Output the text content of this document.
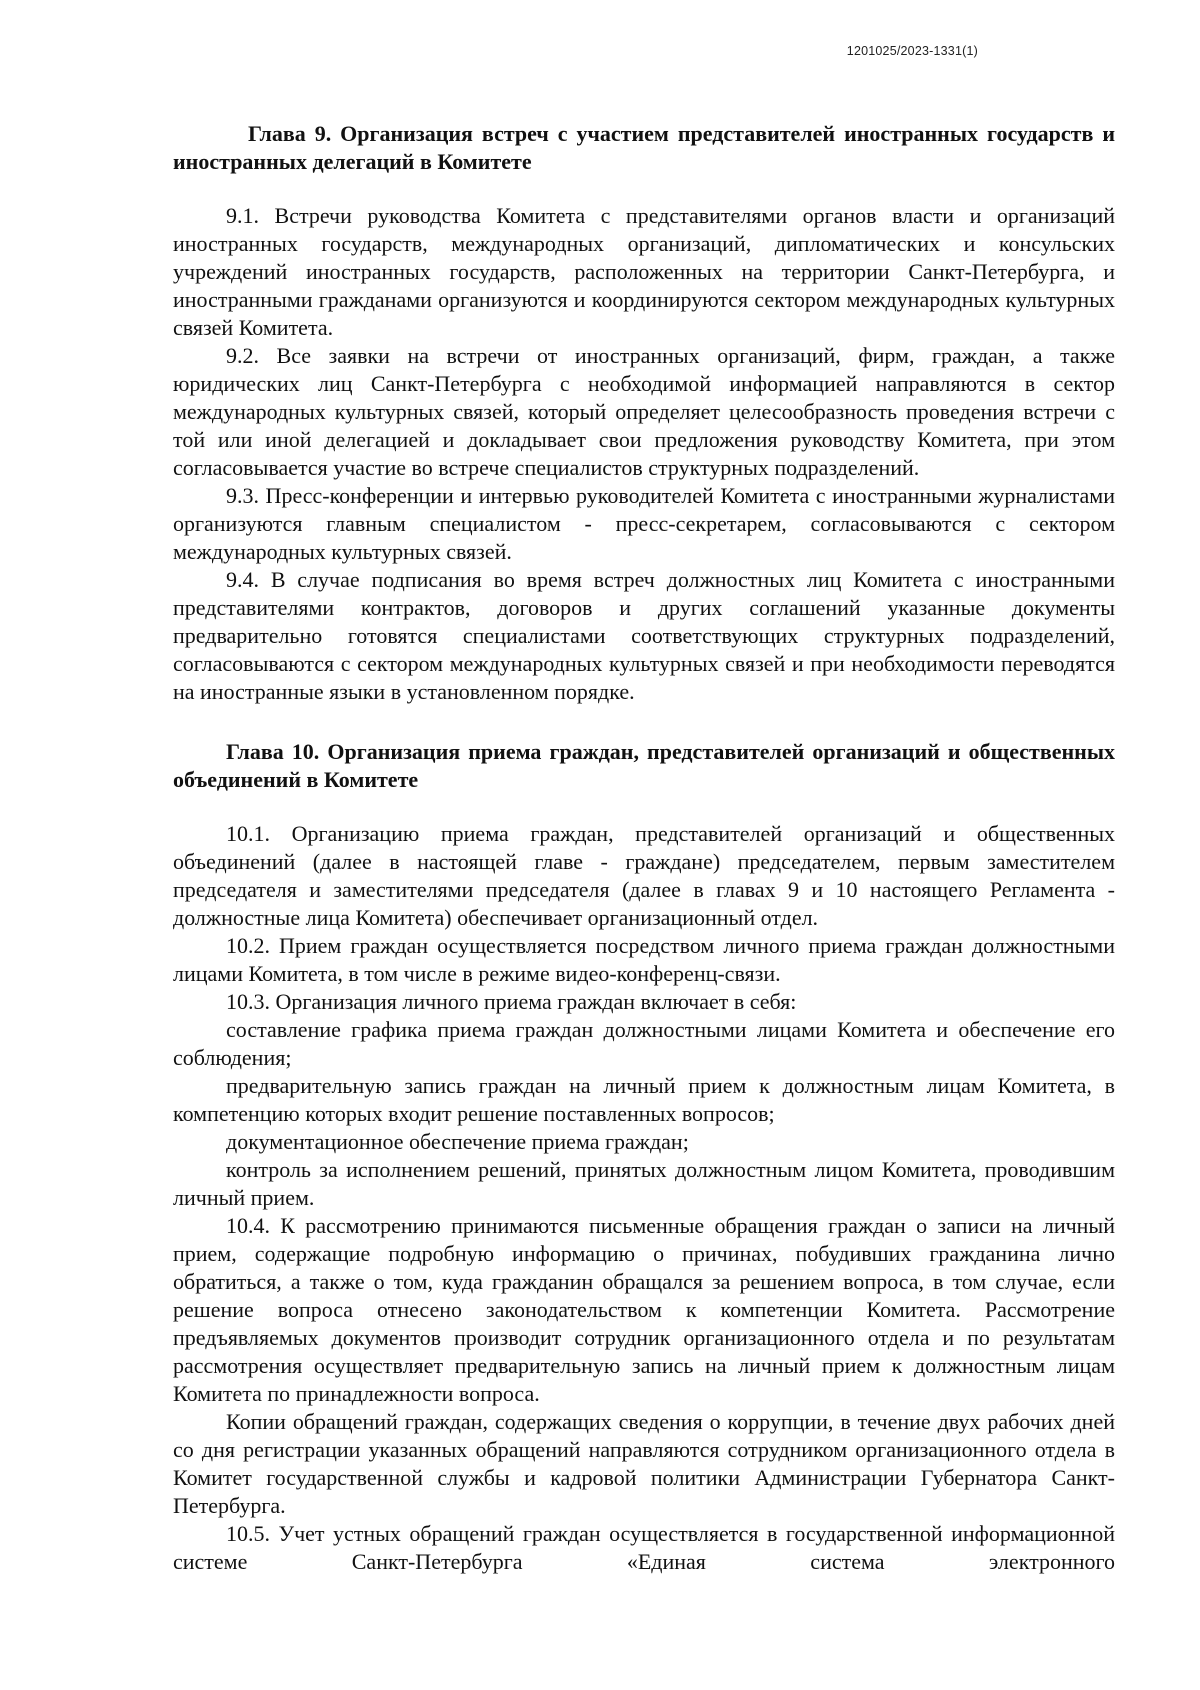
1201025/2023-1331(1)
Глава 9. Организация встреч с участием представителей иностранных государств и иностранных делегаций в Комитете

9.1. Встречи руководства Комитета с представителями органов власти и организаций иностранных государств, международных организаций, дипломатических и консульских учреждений иностранных государств, расположенных на территории Санкт-Петербурга, и иностранными гражданами организуются и координируются сектором международных культурных связей Комитета.

9.2. Все заявки на встречи от иностранных организаций, фирм, граждан, а также юридических лиц Санкт-Петербурга с необходимой информацией направляются в сектор международных культурных связей, который определяет целесообразность проведения встречи с той или иной делегацией и докладывает свои предложения руководству Комитета, при этом согласовывается участие во встрече специалистов структурных подразделений.

9.3. Пресс-конференции и интервью руководителей Комитета с иностранными журналистами организуются главным специалистом - пресс-секретарем, согласовываются с сектором международных культурных связей.

9.4. В случае подписания во время встреч должностных лиц Комитета с иностранными представителями контрактов, договоров и других соглашений указанные документы предварительно готовятся специалистами соответствующих структурных подразделений, согласовываются с сектором международных культурных связей и при необходимости переводятся на иностранные языки в установленном порядке.

Глава 10. Организация приема граждан, представителей организаций и общественных объединений в Комитете

10.1. Организацию приема граждан, представителей организаций и общественных объединений (далее в настоящей главе - граждане) председателем, первым заместителем председателя и заместителями председателя (далее в главах 9 и 10 настоящего Регламента - должностные лица Комитета) обеспечивает организационный отдел.

10.2. Прием граждан осуществляется посредством личного приема граждан должностными лицами Комитета, в том числе в режиме видео-конференц-связи.

10.3. Организация личного приема граждан включает в себя:

составление графика приема граждан должностными лицами Комитета и обеспечение его соблюдения;

предварительную запись граждан на личный прием к должностным лицам Комитета, в компетенцию которых входит решение поставленных вопросов;

документационное обеспечение приема граждан;

контроль за исполнением решений, принятых должностным лицом Комитета, проводившим личный прием.

10.4. К рассмотрению принимаются письменные обращения граждан о записи на личный прием, содержащие подробную информацию о причинах, побудивших гражданина лично обратиться, а также о том, куда гражданин обращался за решением вопроса, в том случае, если решение вопроса отнесено законодательством к компетенции Комитета. Рассмотрение предъявляемых документов производит сотрудник организационного отдела и по результатам рассмотрения осуществляет предварительную запись на личный прием к должностным лицам Комитета по принадлежности вопроса.

Копии обращений граждан, содержащих сведения о коррупции, в течение двух рабочих дней со дня регистрации указанных обращений направляются сотрудником организационного отдела в Комитет государственной службы и кадровой политики Администрации Губернатора Санкт-Петербурга.

10.5. Учет устных обращений граждан осуществляется в государственной информационной системе Санкт-Петербурга «Единая система электронного
